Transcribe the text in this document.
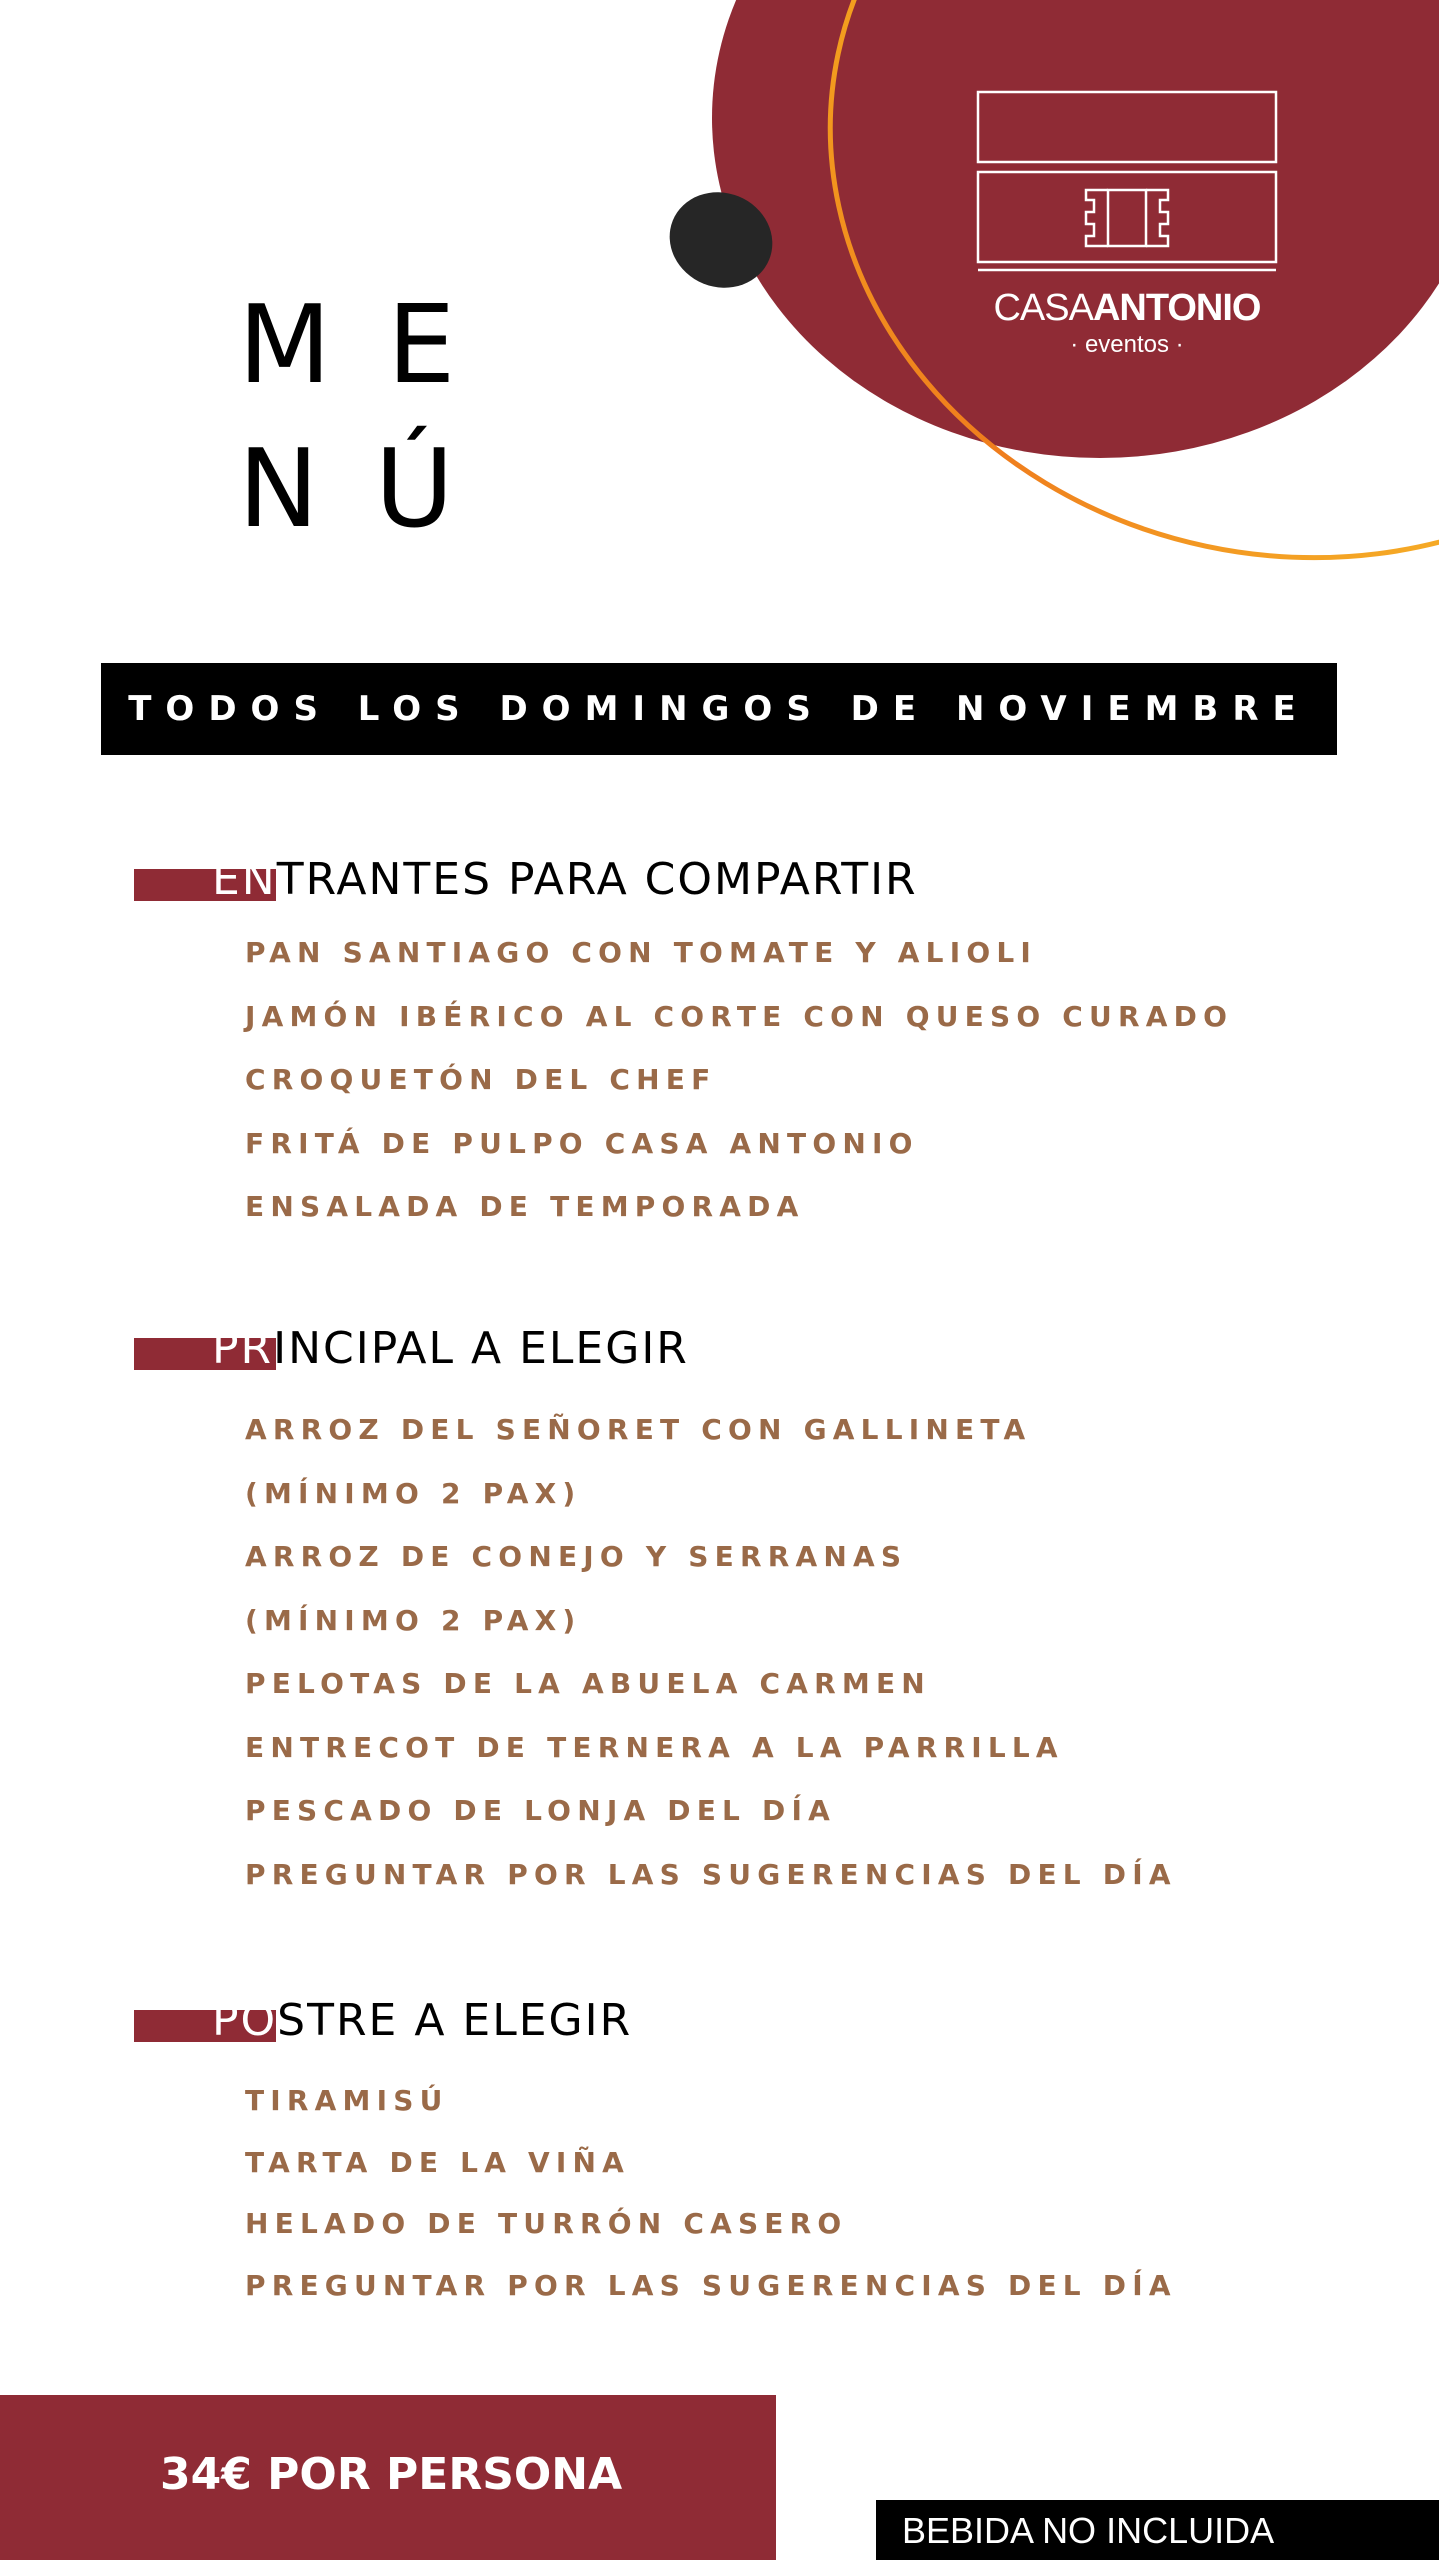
CASAANTONIO
· eventos ·
ME
NÚ
TODOS LOS DOMINGOS DE NOVIEMBRE
ENTRANTES PARA COMPARTIR
PAN SANTIAGO CON TOMATE Y ALIOLI
JAMÓN IBÉRICO AL CORTE CON QUESO CURADO
CROQUETÓN DEL CHEF
FRITÁ DE PULPO CASA ANTONIO
ENSALADA DE TEMPORADA
PRINCIPAL A ELEGIR
ARROZ DEL SEÑORET CON GALLINETA
(MÍNIMO 2 PAX)
ARROZ DE CONEJO Y SERRANAS
(MÍNIMO 2 PAX)
PELOTAS DE LA ABUELA CARMEN
ENTRECOT DE TERNERA A LA PARRILLA
PESCADO DE LONJA DEL DÍA
PREGUNTAR POR LAS SUGERENCIAS DEL DÍA
POSTRE A ELEGIR
TIRAMISÚ
TARTA DE LA VIÑA
HELADO DE TURRÓN CASERO
PREGUNTAR POR LAS SUGERENCIAS DEL DÍA
34€ POR PERSONA
BEBIDA NO INCLUIDA
